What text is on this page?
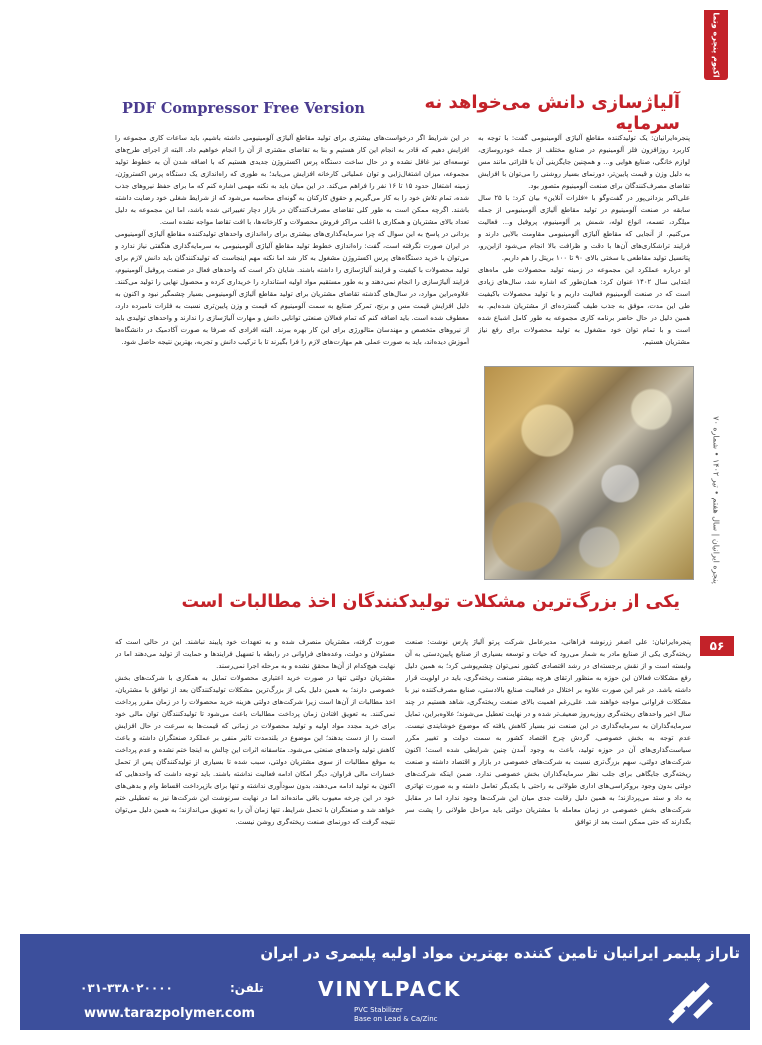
اکیوم پنچره وتما
PDF Compressor Free Version	آلیاژسازی دانش می‌خواهد نه سرمایه

پنجره‌ایرانیان: یک تولیدکننده مقاطع آلیاژی آلومینیومی گفت: با توجه به کاربرد روزافزون فلز آلومینیوم در صنایع مختلف از جمله خودروسازی، لوازم خانگی، صنایع هوایی و... و همچنین جایگزینی آن با فلزاتی مانند مس به دلیل وزن و قیمت پایین‌تر، دورنمای بسیار روشنی را می‌توان با افزایش تقاضای مصرف‌کنندگان برای صنعت آلومینیوم متصور بود.

علی‌اکبر یزدانی‌پور در گفت‌وگو با «فلزات آنلاین» بیان کرد: با ۲۵ سال سابقه در صنعت آلومینیوم در تولید مقاطع آلیاژی آلومینیومی از جمله میلگرد، تسمه، انواع لوله، شمش پر آلومینیوم، پروفیل و... فعالیت می‌کنیم. از آنجایی که مقاطع آلیاژی آلومینیومی مقاومت بالایی دارند و فرایند تراشکاری‌های آن‌ها با دقت و ظرافت بالا انجام می‌شود ازاین‌رو، پتانسیل تولید مقاطعی با سختی بالای ۹۰ تا ۱۰۰ بریتل را هم داریم.

او درباره عملکرد این مجموعه در زمینه تولید محصولات طی ماه‌های ابتدایی سال ۱۴۰۲ عنوان کرد: همان‌طور که اشاره شد، سال‌های زیادی است که در صنعت آلومینیوم فعالیت داریم و با تولید محصولات باکیفیت طی این مدت، موفق به جذب طیف گسترده‌ای از مشتریان شده‌ایم. به همین دلیل در حال حاضر برنامه کاری مجموعه به طور کامل اشباع شده است و با تمام توان خود مشغول به تولید محصولات برای رفع نیاز مشتریان هستیم.

در این شرایط اگر درخواست‌های بیشتری برای تولید مقاطع آلیاژی آلومینیومی داشته باشیم، باید ساعات کاری مجموعه را افزایش دهیم که قادر به انجام این کار هستیم و بنا به تقاضای مشتری از آن را انجام خواهیم داد. البته از اجرای طرح‌های توسعه‌ای نیز غافل نشده و در حال ساخت دستگاه پرس اکستروژن جدیدی هستیم که با اضافه شدن آن به خطوط تولید مجموعه، میزان اشتغال‌زایی و توان عملیاتی کارخانه افزایش می‌یابد؛ به طوری که راه‌اندازی یک دستگاه پرس اکستروژن، زمینه اشتغال حدود ۱۵ تا ۱۶ نفر را فراهم می‌کند. در این میان باید به نکته مهمی اشاره کنم که ما برای حفظ نیروهای جذب شده، تمام تلاش خود را به کار می‌گیریم و حقوق کارکنان به گونه‌ای محاسبه می‌شود که از شرایط شغلی خود رضایت داشته باشند. اگرچه ممکن است به طور کلی تقاضای مصرف‌کنندگان در بازار دچار تغییراتی شده باشد، اما این مجموعه به دلیل تعداد بالای مشتریان و همکاری با اغلب مراکز فروش محصولات و کارخانه‌ها، با افت تقاضا مواجه نشده است.

یزدانی در پاسخ به این سوال که چرا سرمایه‌گذاری‌های بیشتری برای راه‌اندازی واحدهای تولیدکننده مقاطع آلیاژی آلومینیومی در ایران صورت نگرفته است، گفت: راه‌اندازی خطوط تولید مقاطع آلیاژی آلومینیومی به سرمایه‌گذاری هنگفتی نیاز ندارد و می‌توان با خرید دستگاه‌های پرس اکستروژن مشغول به کار شد اما نکته مهم اینجاست که تولیدکنندگان باید دانش لازم برای تولید محصولات با کیفیت و فرایند آلیاژسازی را داشته باشند. شایان ذکر است که واحدهای فعال در صنعت پروفیل آلومینیوم، فرایند آلیاژسازی را انجام نمی‌دهند و به طور مستقیم مواد اولیه استاندارد را خریداری کرده و محصول نهایی را تولید می‌کنند. علاوه‌براین موارد، در سال‌های گذشته تقاضای مشتریان برای تولید مقاطع آلیاژی آلومینیومی بسیار چشمگیر نبود و اکنون به دلیل افزایش قیمت مس و برنج، تمرکز صنایع به سمت آلومینیوم که قیمت و وزن پایین‌تری نسبت به فلزات نامبرده دارد، معطوف شده است. باید اضافه کنم که تمام فعالان صنعتی توانایی دانش و مهارت آلیاژسازی را ندارند و واحدهای تولیدی باید از نیروهای متخصص و مهندسان متالورژی برای این کار بهره ببرند. البته افرادی که صرفا به صورت آکادمیک در دانشگاه‌ها آموزش دیده‌اند، باید به صورت عملی هم مهارت‌های لازم را فرا بگیرند تا با ترکیب دانش و تجربه، بهترین نتیجه حاصل شود.

پنجره ایرانیان | سال هفتم • تیر ۱۴۰۲ • شماره ۷۰
یکی از بزرگ‌ترین مشکلات تولیدکنندگان اخذ مطالبات است
۵۶

پنجره‌ایرانیان: علی اصغر زرنوشه فراهانی، مدیرعامل شرکت پرتو آلیاژ پارس نوشت: صنعت ریخته‌گری یکی از صنایع مادر به شمار می‌رود که حیات و توسعه بسیاری از صنایع پایین‌دستی به آن وابسته است و از نقش برجسته‌ای در رشد اقتصادی کشور نمی‌توان چشم‌پوشی کرد؛ به همین دلیل رفع مشکلات فعالان این حوزه به منظور ارتقای هرچه بیشتر صنعت ریخته‌گری، باید در اولویت قرار داشته باشد. در غیر این صورت علاوه بر اختلال در فعالیت صنایع بالادستی، صنایع مصرف‌کننده نیز با مشکلات فراوانی مواجه خواهند شد. علی‌رغم اهمیت بالای صنعت ریخته‌گری، شاهد هستیم در چند سال اخیر واحدهای ریخته‌گری روزبه‌روز ضعیف‌تر شده و در نهایت تعطیل می‌شوند؛ علاوه‌براین، تمایل سرمایه‌گذاران به سرمایه‌گذاری در این صنعت نیز بسیار کاهش یافته که موضوع خوشایندی نیست. عدم توجه به بخش خصوصی، گردش چرخ اقتصاد کشور به سمت دولت و تغییر مکرر سیاست‌گذاری‌های آن در حوزه تولید، باعث به وجود آمدن چنین شرایطی شده است؛ اکنون شرکت‌های دولتی، سهم بزرگ‌تری نسبت به شرکت‌های خصوصی در بازار و اقتصاد داشته و صنعت ریخته‌گری جایگاهی برای جلب نظر سرمایه‌گذاران بخش خصوصی ندارد. ضمن اینکه شرکت‌های دولتی بدون وجود بروکراسی‌های اداری طولانی به راحتی با یکدیگر تعامل داشته و به صورت تهاتری به داد و ستد می‌پردازند؛ به همین دلیل رقابت جدی میان این شرکت‌ها وجود ندارد اما در مقابل شرکت‌های بخش خصوصی در زمان معامله با مشتریان دولتی باید مراحل طولانی را پشت سر بگذارند که حتی ممکن است بعد از توافق

صورت گرفته، مشتریان منصرف شده و به تعهدات خود پایبند نباشند. این در حالی است که مسئولان و دولت، وعده‌های فراوانی در رابطه با تسهیل فرایندها و حمایت از تولید می‌دهند اما در نهایت هیچ‌کدام از آن‌ها محقق نشده و به مرحله اجرا نمی‌رسند.

مشتریان دولتی تنها در صورت خرید اعتباری محصولات تمایل به همکاری با شرکت‌های بخش خصوصی دارند؛ به همین دلیل یکی از بزرگ‌ترین مشکلات تولیدکنندگان بعد از توافق با مشتریان، اخذ مطالبات از آن‌ها است زیرا شرکت‌های دولتی هزینه خرید محصولات را در زمان مقرر پرداخت نمی‌کنند. به تعویق افتادن زمان پرداخت مطالبات باعث می‌شود تا تولیدکنندگان توان مالی خود برای خرید مجدد مواد اولیه و تولید محصولات در زمانی که قیمت‌ها به سرعت در حال افزایش است را از دست بدهند؛ این موضوع در بلندمدت تاثیر منفی بر عملکرد صنعتگران داشته و باعث کاهش تولید واحدهای صنعتی می‌شود. متاسفانه اثرات این چالش به اینجا ختم نشده و عدم پرداخت به موقع مطالبات از سوی مشتریان دولتی، سبب شده تا بسیاری از تولیدکنندگان پس از تحمل خسارات مالی فراوان، دیگر امکان ادامه فعالیت نداشته باشند. باید توجه داشت که واحدهایی که اکنون به تولید ادامه می‌دهند، بدون سودآوری نداشته و تنها برای بازپرداخت اقساط وام و بدهی‌های خود در این چرخه معیوب باقی مانده‌اند اما در نهایت سرنوشت این شرکت‌ها نیز به تعطیلی ختم خواهد شد و صنعتگران با تحمل شرایط، تنها زمان آن را به تعویق می‌اندازند؛ به همین دلیل می‌توان نتیجه گرفت که دورنمای صنعت ریخته‌گری روشن نیست.

تاراز پلیمر ایرانیان تامین کننده بهترین مواد اولیه پلیمری در ایران
VINYLPACK
PVC Stabilizer
Base on Lead & Ca/Zinc
تلفن:
۰۳۱-۳۳۸۰۲۰۰۰۰
www.tarazpolymer.com
